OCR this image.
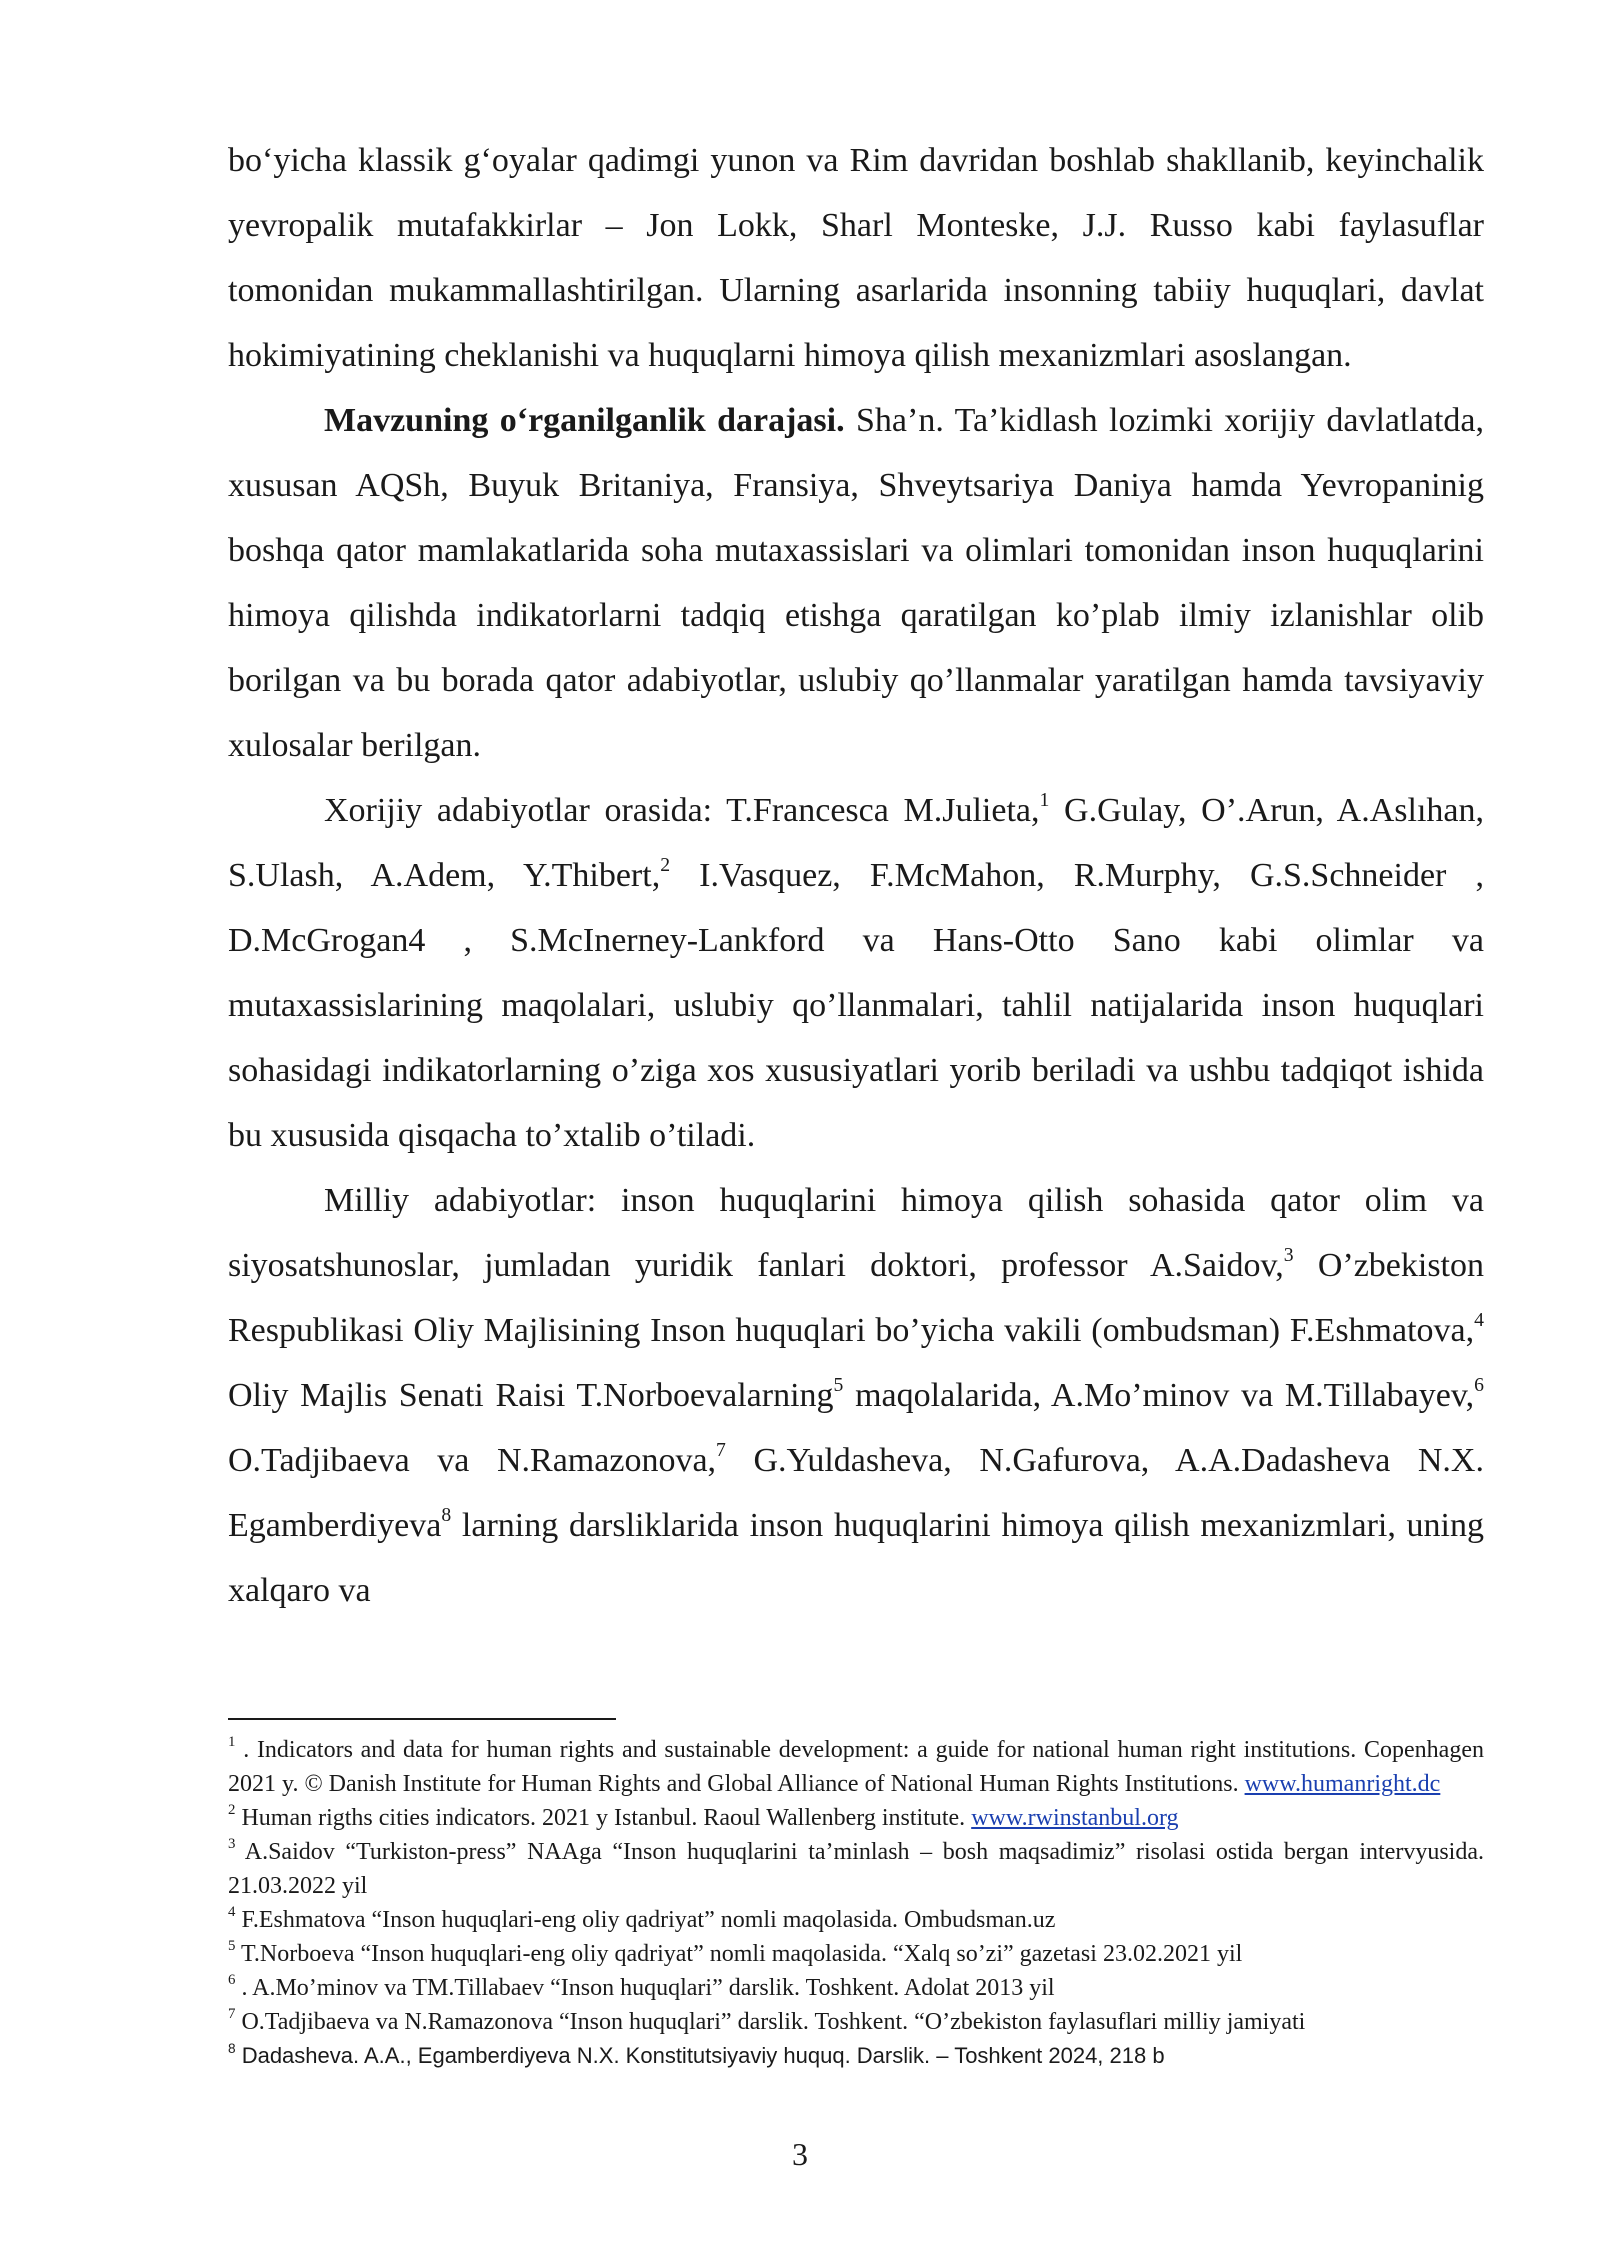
bo‘yicha klassik g‘oyalar qadimgi yunon va Rim davridan boshlab shakllanib, keyinchalik yevropalik mutafakkirlar – Jon Lokk, Sharl Monteske, J.J. Russo kabi faylasuflar tomonidan mukammallashtirilgan. Ularning asarlarida insonning tabiiy huquqlari, davlat hokimiyatining cheklanishi va huquqlarni himoya qilish mexanizmlari asoslangan.

Mavzuning o‘rganilganlik darajasi. Sha’n. Ta’kidlash lozimki xorijiy davlatlatda, xususan AQSh, Buyuk Britaniya, Fransiya, Shveytsariya Daniya hamda Yevropaninig boshqa qator mamlakatlarida soha mutaxassislari va olimlari tomonidan inson huquqlarini himoya qilishda indikatorlarni tadqiq etishga qaratilgan ko’plab ilmiy izlanishlar olib borilgan va bu borada qator adabiyotlar, uslubiy qo’llanmalar yaratilgan hamda tavsiyaviy xulosalar berilgan.

Xorijiy adabiyotlar orasida: T.Francesca M.Julieta,$^1$ G.Gulay, O’.Arun, A.Aslıhan, S.Ulash, A.Adem, Y.Thibert,$^2$ I.Vasquez, F.McMahon, R.Murphy, G.S.Schneider , D.McGrogan4 , S.McInerney-Lankford va Hans-Otto Sano kabi olimlar va mutaxassislarining maqolalari, uslubiy qo’llanmalari, tahlil natijalarida inson huquqlari sohasidagi indikatorlarning o’ziga xos xususiyatlari yorib beriladi va ushbu tadqiqot ishida bu xususida qisqacha to’xtalib o’tiladi.

Milliy adabiyotlar: inson huquqlarini himoya qilish sohasida qator olim va siyosatshunoslar, jumladan yuridik fanlari doktori, professor A.Saidov,$^3$ O’zbekiston Respublikasi Oliy Majlisining Inson huquqlari bo’yicha vakili (ombudsman) F.Eshmatova,$^4$ Oliy Majlis Senati Raisi T.Norboevalarning$^5$ maqolalarida, A.Mo’minov va M.Tillabayev,$^6$ O.Tadjibaeva va N.Ramazonova,$^7$ G.Yuldasheva, N.Gafurova, A.A.Dadasheva N.X. Egamberdiyeva$^8$ larning darsliklarida inson huquqlarini himoya qilish mexanizmlari, uning xalqaro va

$^1$ . Indicators and data for human rights and sustainable development: a guide for national human right institutions. Copenhagen 2021 y. © Danish Institute for Human Rights and Global Alliance of National Human Rights Institutions. www.humanright.dc

$^2$ Human rigths cities indicators. 2021 y Istanbul. Raoul Wallenberg institute. www.rwinstanbul.org

$^3$ A.Saidov “Turkiston-press” NAAga “Inson huquqlarini ta’minlash – bosh maqsadimiz” risolasi ostida bergan intervyusida. 21.03.2022 yil

$^4$ F.Eshmatova “Inson huquqlari-eng oliy qadriyat” nomli maqolasida. Ombudsman.uz

$^5$ T.Norboeva “Inson huquqlari-eng oliy qadriyat” nomli maqolasida. “Xalq so’zi” gazetasi 23.02.2021 yil

$^6$ . A.Mo’minov va TM.Tillabaev “Inson huquqlari” darslik. Toshkent. Adolat 2013 yil

$^7$ O.Tadjibaeva va N.Ramazonova “Inson huquqlari” darslik. Toshkent. “O’zbekiston faylasuflari milliy jamiyati

$^8$ Dadasheva. A.A., Egamberdiyeva N.X. Konstitutsiyaviy huquq. Darslik. – Toshkent 2024, 218 b

3
